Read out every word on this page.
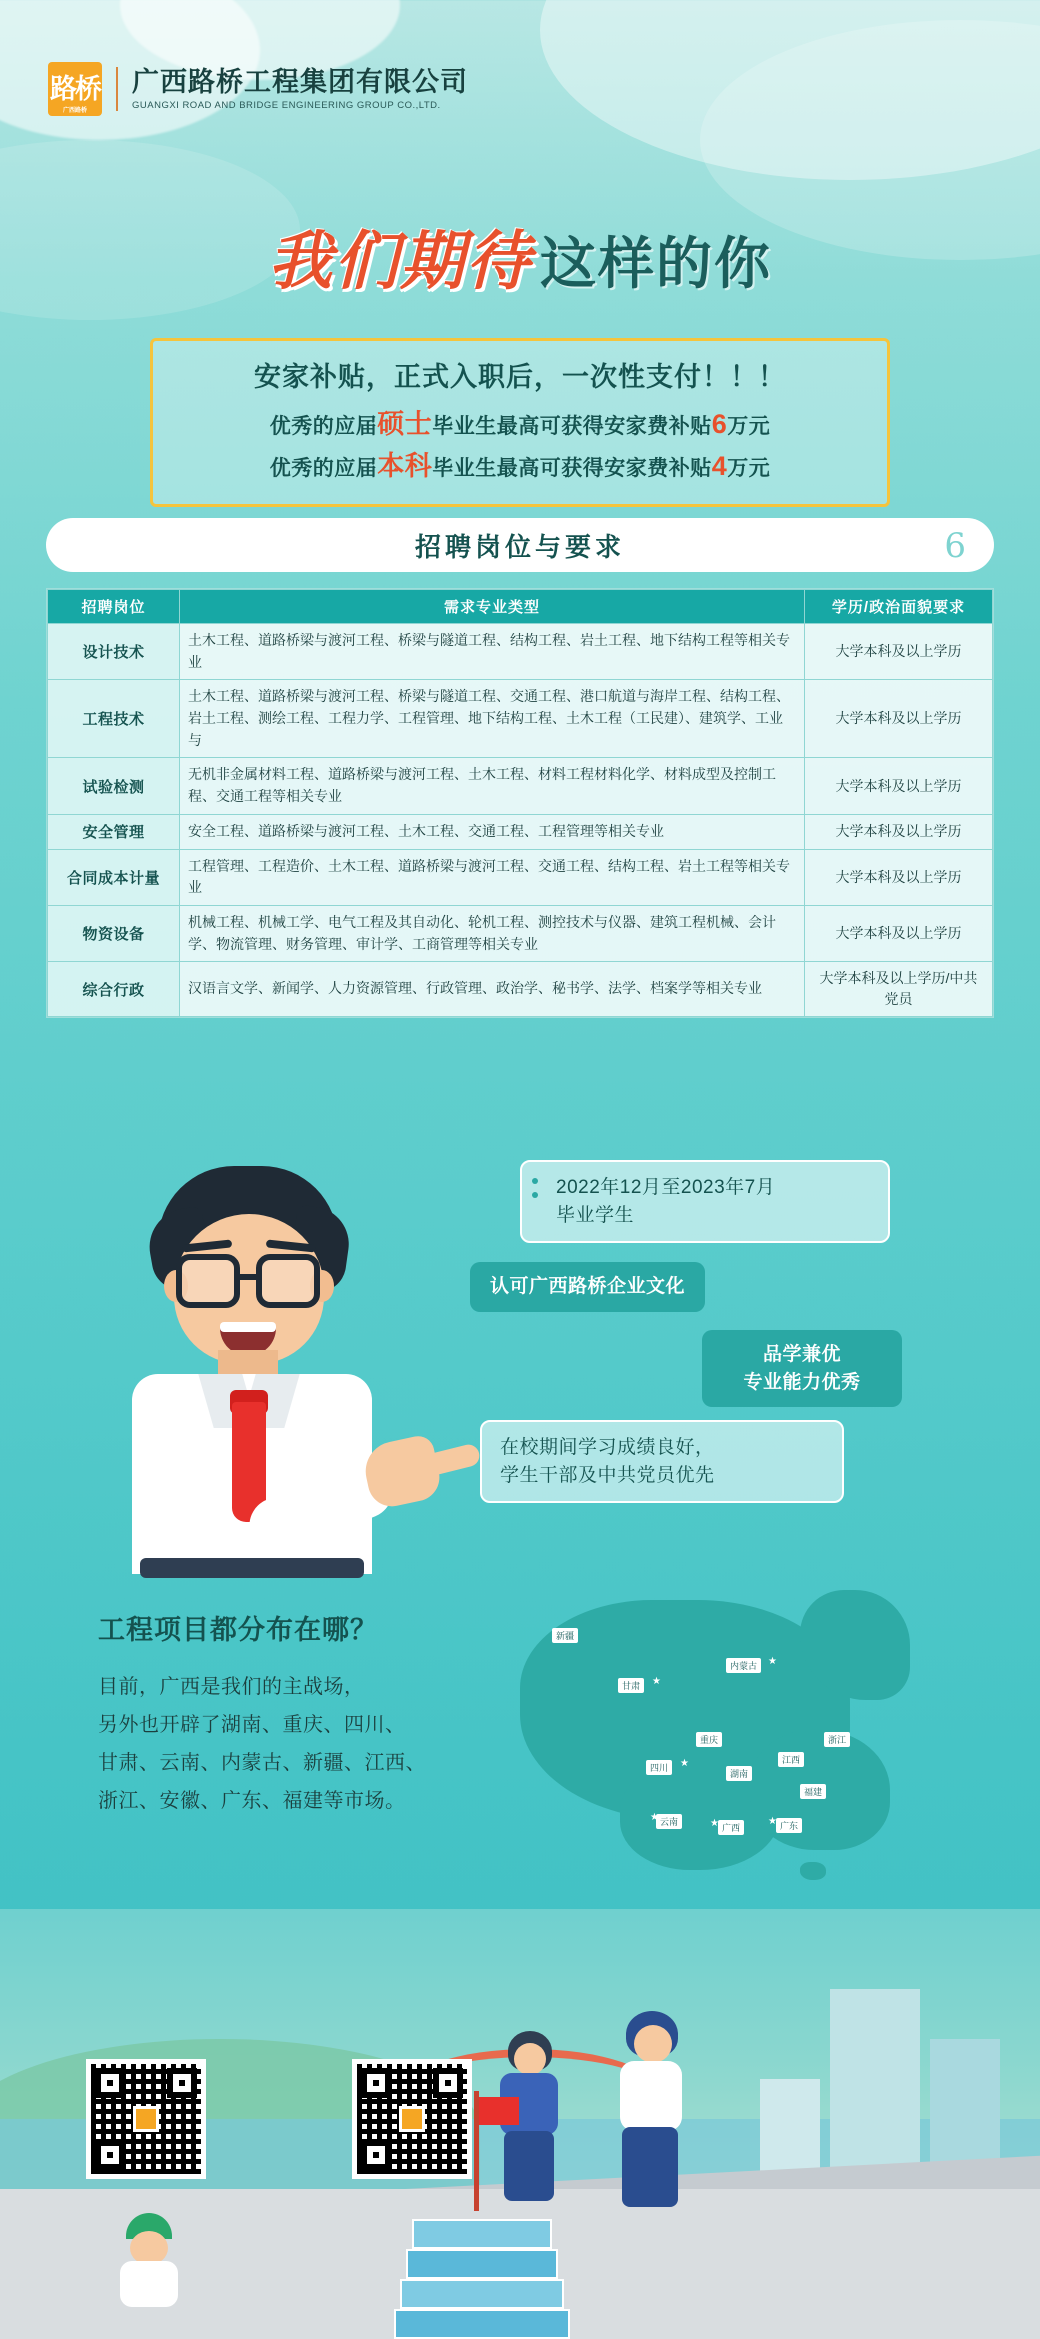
路桥
广西路桥
广西路桥工程集团有限公司
GUANGXI ROAD AND BRIDGE ENGINEERING GROUP CO.,LTD.
我们期待 这样的你
安家补贴，正式入职后，一次性支付！！！
优秀的应届硕士毕业生最高可获得安家费补贴6万元
优秀的应届本科毕业生最高可获得安家费补贴4万元
招聘岗位与要求	6
招聘岗位	需求专业类型	学历/政治面貌要求
设计技术	土木工程、道路桥梁与渡河工程、桥梁与隧道工程、结构工程、岩土工程、地下结构工程等相关专业	大学本科及以上学历
工程技术	土木工程、道路桥梁与渡河工程、桥梁与隧道工程、交通工程、港口航道与海岸工程、结构工程、岩土工程、测绘工程、工程力学、工程管理、地下结构工程、土木工程（工民建）、建筑学、工业与	大学本科及以上学历
试验检测	无机非金属材料工程、道路桥梁与渡河工程、土木工程、材料工程材料化学、材料成型及控制工程、交通工程等相关专业	大学本科及以上学历
安全管理	安全工程、道路桥梁与渡河工程、土木工程、交通工程、工程管理等相关专业	大学本科及以上学历
合同成本计量	工程管理、工程造价、土木工程、道路桥梁与渡河工程、交通工程、结构工程、岩土工程等相关专业	大学本科及以上学历
物资设备	机械工程、机械工学、电气工程及其自动化、轮机工程、测控技术与仪器、建筑工程机械、会计学、物流管理、财务管理、审计学、工商管理等相关专业	大学本科及以上学历
综合行政	汉语言文学、新闻学、人力资源管理、行政管理、政治学、秘书学、法学、档案学等相关专业	大学本科及以上学历/中共党员
2022年12月至2023年7月
毕业学生
认可广西路桥企业文化
品学兼优
专业能力优秀
在校期间学习成绩良好，
学生干部及中共党员优先
工程项目都分布在哪？
目前，广西是我们的主战场，
另外也开辟了湖南、重庆、四川、
甘肃、云南、内蒙古、新疆、江西、
浙江、安徽、广东、福建等市场。
新疆
甘肃	★
内蒙古	★
重庆
四川	★
湖南
江西
浙江
福建
云南
★
广西
★	广东
★
